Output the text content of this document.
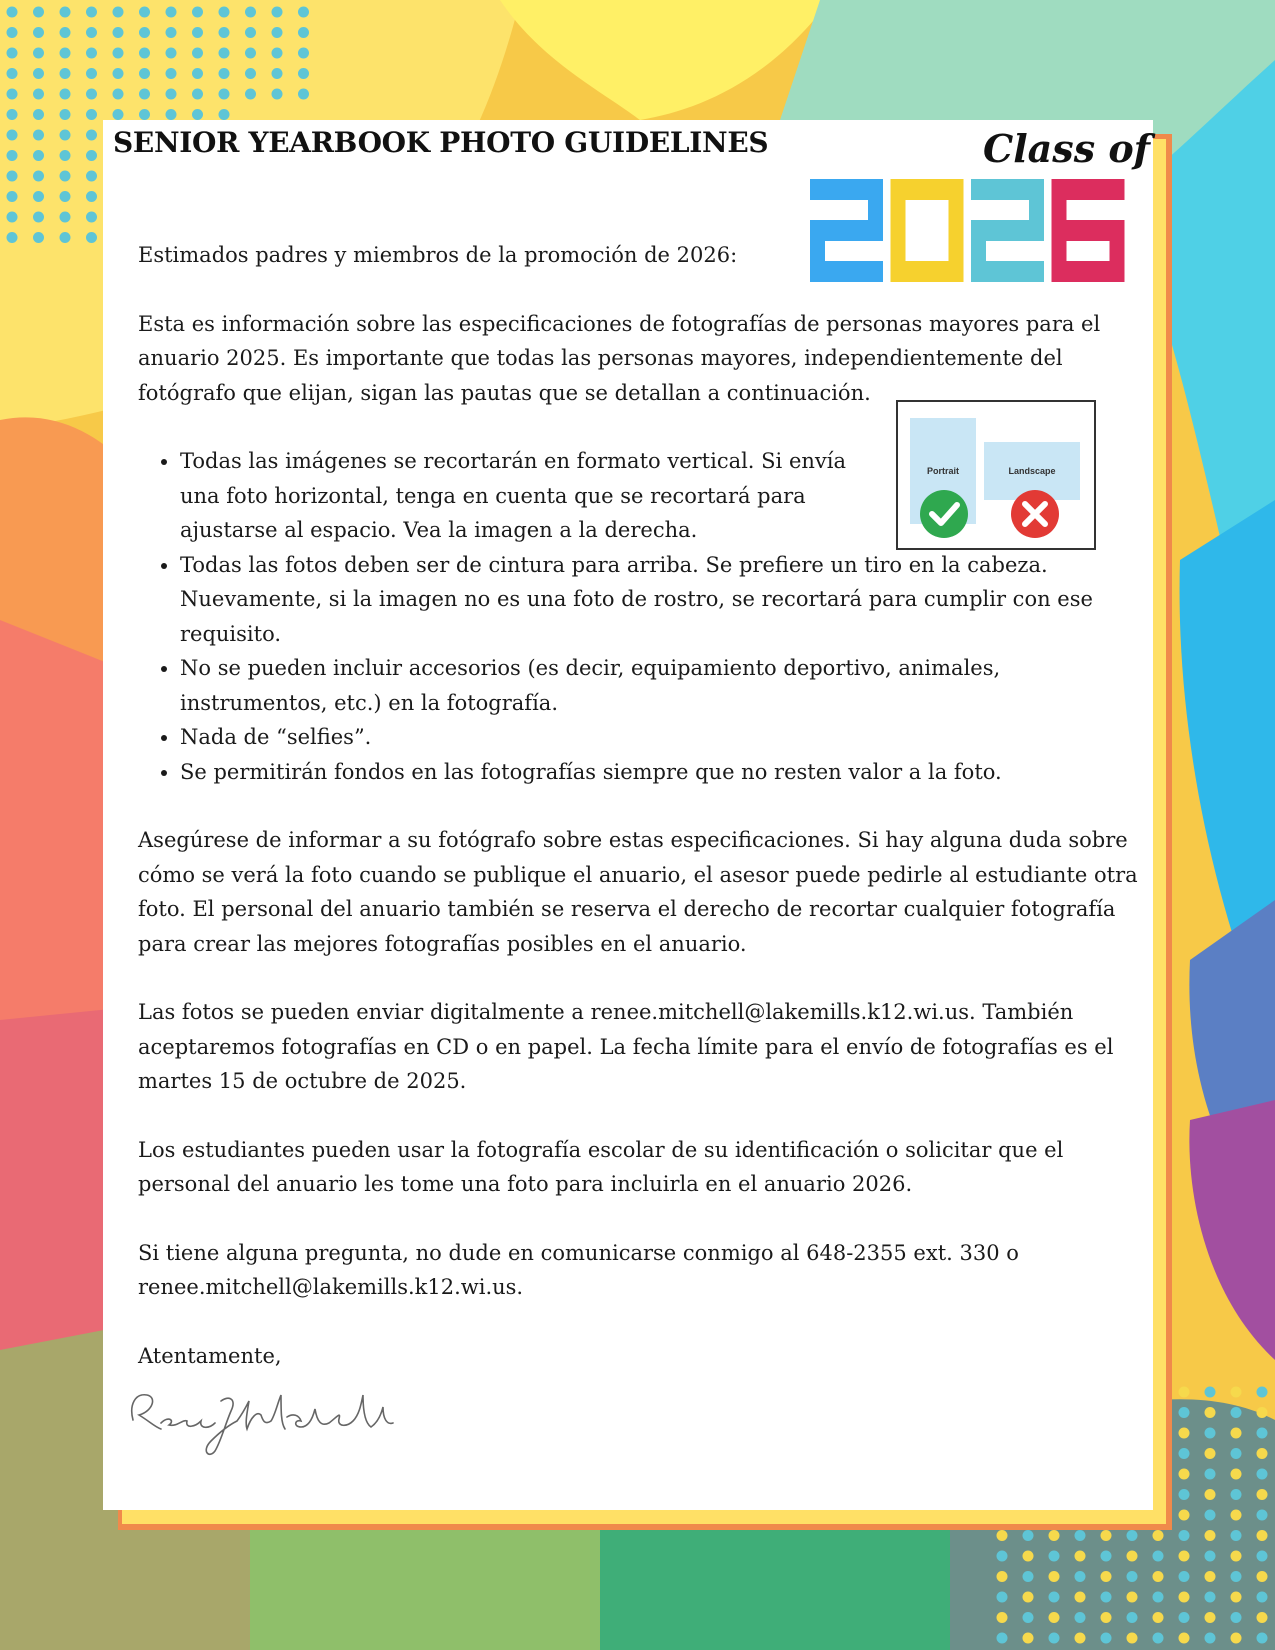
SENIOR YEARBOOK PHOTO GUIDELINES	Class of

Estimados padres y miembros de la promoción de 2026:

Esta es información sobre las especificaciones de fotografías de personas mayores para el anuario 2025. Es importante que todas las personas mayores, independientemente del fotógrafo que elijan, sigan las pautas que se detallan a continuación.

• Todas las imágenes se recortarán en formato vertical. Si envía una foto horizontal, tenga en cuenta que se recortará para ajustarse al espacio. Vea la imagen a la derecha.
• Todas las fotos deben ser de cintura para arriba. Se prefiere un tiro en la cabeza. Nuevamente, si la imagen no es una foto de rostro, se recortará para cumplir con ese requisito.
• No se pueden incluir accesorios (es decir, equipamiento deportivo, animales, instrumentos, etc.) en la fotografía.
• Nada de “selfies”.
• Se permitirán fondos en las fotografías siempre que no resten valor a la foto.

Asegúrese de informar a su fotógrafo sobre estas especificaciones. Si hay alguna duda sobre cómo se verá la foto cuando se publique el anuario, el asesor puede pedirle al estudiante otra foto. El personal del anuario también se reserva el derecho de recortar cualquier fotografía para crear las mejores fotografías posibles en el anuario.

Las fotos se pueden enviar digitalmente a renee.mitchell@lakemills.k12.wi.us. También aceptaremos fotografías en CD o en papel. La fecha límite para el envío de fotografías es el martes 15 de octubre de 2025.

Los estudiantes pueden usar la fotografía escolar de su identificación o solicitar que el personal del anuario les tome una foto para incluirla en el anuario 2026.

Si tiene alguna pregunta, no dude en comunicarse conmigo al 648-2355 ext. 330 o renee.mitchell@lakemills.k12.wi.us.

Atentamente,

Portrait	Landscape
